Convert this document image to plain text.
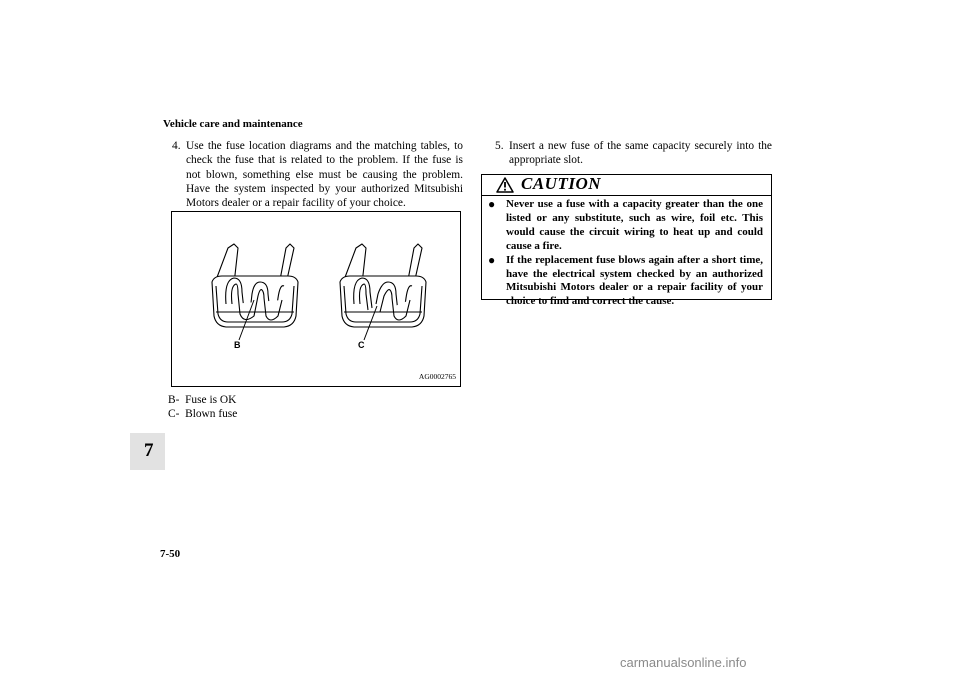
Vehicle care and maintenance
4. Use the fuse location diagrams and the matching tables, to check the fuse that is related to the problem. If the fuse is not blown, something else must be causing the problem. Have the system inspected by your authorized Mitsubishi Motors dealer or a repair facility of your choice.
B	C
AG0002765
B- Fuse is OK
C- Blown fuse
5. Insert a new fuse of the same capacity securely into the appropriate slot.
CAUTION
● Never use a fuse with a capacity greater than the one listed or any substitute, such as wire, foil etc. This would cause the circuit wiring to heat up and could cause a fire.
● If the replacement fuse blows again after a short time, have the electrical system checked by an authorized Mitsubishi Motors dealer or a repair facility of your choice to find and correct the cause.
7
7-50
carmanualsonline.info
